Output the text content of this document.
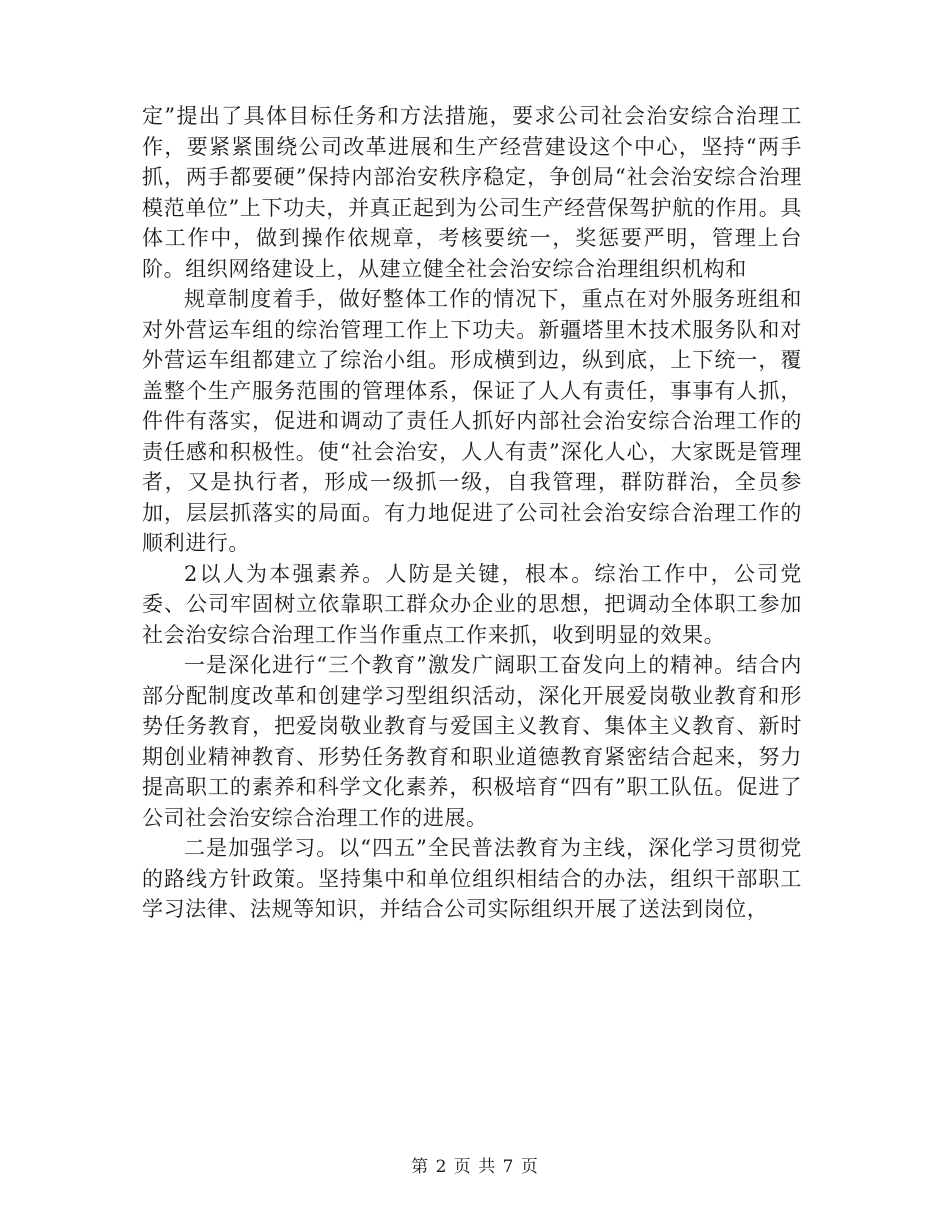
定”提出了具体目标任务和方法措施，要求公司社会治安综合治理工作，要紧紧围绕公司改革进展和生产经营建设这个中心，坚持“两手抓，两手都要硬”保持内部治安秩序稳定，争创局“社会治安综合治理模范单位”上下功夫，并真正起到为公司生产经营保驾护航的作用。具体工作中，做到操作依规章，考核要统一，奖惩要严明，管理上台阶。组织网络建设上，从建立健全社会治安综合治理组织机构和

规章制度着手，做好整体工作的情况下，重点在对外服务班组和对外营运车组的综治管理工作上下功夫。新疆塔里木技术服务队和对外营运车组都建立了综治小组。形成横到边，纵到底，上下统一，覆盖整个生产服务范围的管理体系，保证了人人有责任，事事有人抓，件件有落实，促进和调动了责任人抓好内部社会治安综合治理工作的责任感和积极性。使“社会治安，人人有责”深化人心，大家既是管理者，又是执行者，形成一级抓一级，自我管理，群防群治，全员参加，层层抓落实的局面。有力地促进了公司社会治安综合治理工作的顺利进行。

2以人为本强素养。人防是关键，根本。综治工作中，公司党委、公司牢固树立依靠职工群众办企业的思想，把调动全体职工参加社会治安综合治理工作当作重点工作来抓，收到明显的效果。

一是深化进行“三个教育”激发广阔职工奋发向上的精神。结合内部分配制度改革和创建学习型组织活动，深化开展爱岗敬业教育和形势任务教育，把爱岗敬业教育与爱国主义教育、集体主义教育、新时期创业精神教育、形势任务教育和职业道德教育紧密结合起来，努力提高职工的素养和科学文化素养，积极培育“四有”职工队伍。促进了公司社会治安综合治理工作的进展。

二是加强学习。以“四五”全民普法教育为主线，深化学习贯彻党的路线方针政策。坚持集中和单位组织相结合的办法，组织干部职工学习法律、法规等知识，并结合公司实际组织开展了送法到岗位，

第 2 页 共 7 页
